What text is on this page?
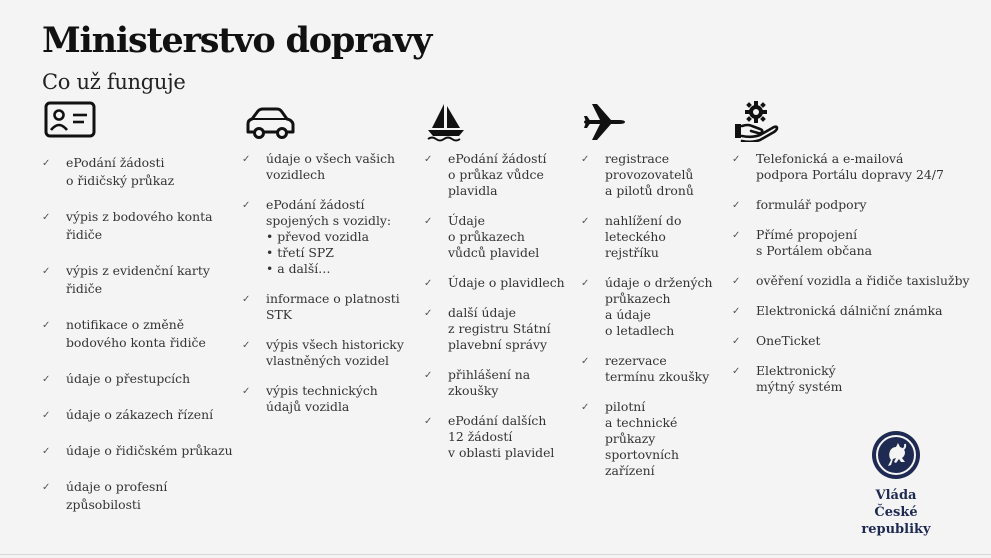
Ministerstvo dopravy
Co už funguje
✓ ePodání žádosti
o řidičský průkaz
✓ výpis z bodového konta
řidiče
✓ výpis z evidenční karty
řidiče
✓ notifikace o změně
bodového konta řidiče
✓ údaje o přestupcích
✓ údaje o zákazech řízení
✓ údaje o řidičském průkazu
✓ údaje o profesní
způsobilosti
✓ údaje o všech vašich
vozidlech
✓ ePodání žádostí
spojených s vozidly:
• převod vozidla
• třetí SPZ
• a další…
✓ informace o platnosti
STK
✓ výpis všech historicky
vlastněných vozidel
✓ výpis technických
údajů vozidla
✓ ePodání žádostí
o průkaz vůdce
plavidla
✓ Údaje
o průkazech
vůdců plavidel
✓ Údaje o plavidlech
✓ další údaje
z registru Státní
plavební správy
✓ přihlášení na
zkoušky
✓ ePodání dalších
12 žádostí
v oblasti plavidel
✓ registrace
provozovatelů
a pilotů dronů
✓ nahlížení do
leteckého
rejstříku
✓ údaje o držených
průkazech
a údaje
o letadlech
✓ rezervace
termínu zkoušky
✓ pilotní
a technické
průkazy
sportovních
zařízení
✓ Telefonická a e-mailová
podpora Portálu dopravy 24/7
✓ formulář podpory
✓ Přímé propojení
s Portálem občana
✓ ověření vozidla a řidiče taxislužby
✓ Elektronická dálniční známka
✓ OneTicket
✓ Elektronický
mýtný systém
Vláda
České republiky
